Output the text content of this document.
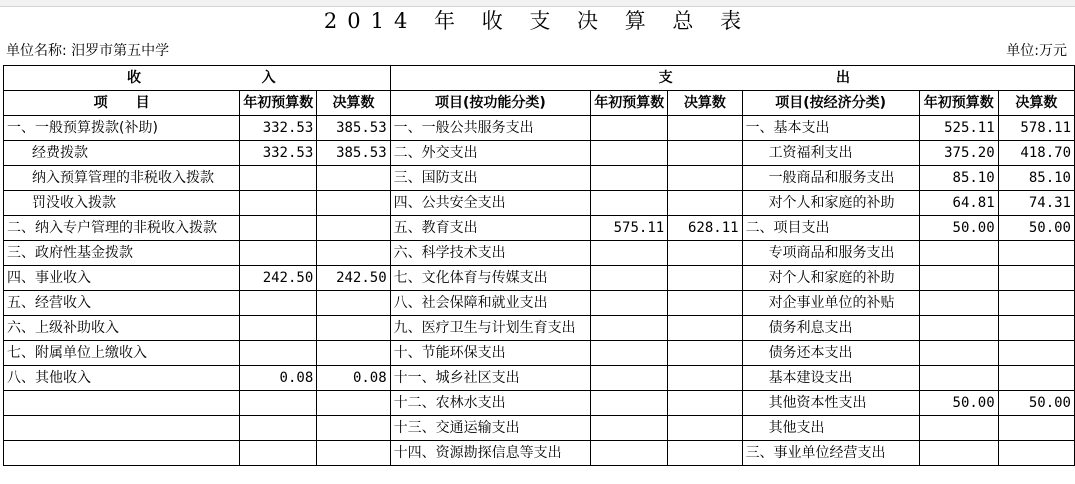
2014 年 收 支 决 算 总 表
单位名称: 汨罗市第五中学	单位:万元
收 入			支 出					

项　　目	年初预算数	决算数	项目(按功能分类)	年初预算数	决算数	项目(按经济分类)	年初预算数	决算数
一、一般预算拨款(补助)	332.53	385.53	一、一般公共服务支出			一、基本支出	525.11	578.11
经费拨款	332.53	385.53	二、外交支出			工资福利支出	375.20	418.70
纳入预算管理的非税收入拨款			三、国防支出			一般商品和服务支出	85.10	85.10
罚没收入拨款			四、公共安全支出			对个人和家庭的补助	64.81	74.31
二、纳入专户管理的非税收入拨款			五、教育支出	575.11	628.11	二、项目支出	50.00	50.00
三、政府性基金拨款			六、科学技术支出			专项商品和服务支出		
四、事业收入	242.50	242.50	七、文化体育与传媒支出			对个人和家庭的补助		
五、经营收入			八、社会保障和就业支出			对企事业单位的补贴		
六、上级补助收入			九、医疗卫生与计划生育支出			债务利息支出		
七、附属单位上缴收入			十、节能环保支出			债务还本支出		
八、其他收入	0.08	0.08	十一、城乡社区支出			基本建设支出		
			十二、农林水支出			其他资本性支出	50.00	50.00
			十三、交通运输支出			其他支出		
			十四、资源勘探信息等支出			三、事业单位经营支出		
